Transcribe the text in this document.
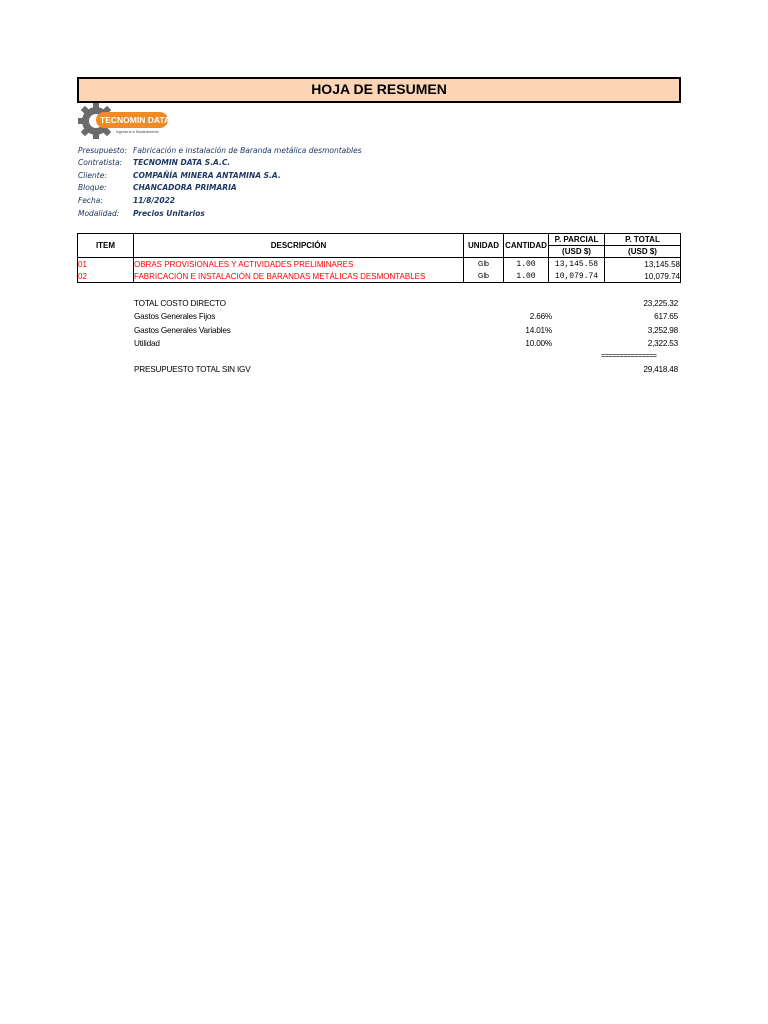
HOJA DE RESUMEN
TECNOMIN DATA
Ingeniería & Mantenimiento
Presupuesto: Fabricación e instalación de Baranda metálica desmontables
Contratista: TECNOMIN DATA S.A.C.
Cliente:	COMPAÑÍA MINERA ANTAMINA S.A.
Bloque:	CHANCADORA PRIMARIA
Fecha:	11/8/2022
Modalidad: Precios Unitarios
ITEM	DESCRIPCIÓN	UNIDAD	CANTIDAD	P. PARCIAL	P. TOTAL
				(USD $)	(USD $)
01	OBRAS PROVISIONALES Y ACTIVIDADES PRELIMINARES	Glb	1.00	13,145.58	13,145.58
02	FABRICACIÓN E INSTALACIÓN DE BARANDAS METÁLICAS DESMONTABLES	Glb	1.00	10,079.74	10,079.74
TOTAL COSTO DIRECTO	23,225.32
Gastos Generales Fijos	2.66%	617.65
Gastos Generales Variables	14.01%	3,252.98
Utilidad	10.00%	2,322.53
===============
PRESUPUESTO TOTAL SIN IGV	29,418.48
